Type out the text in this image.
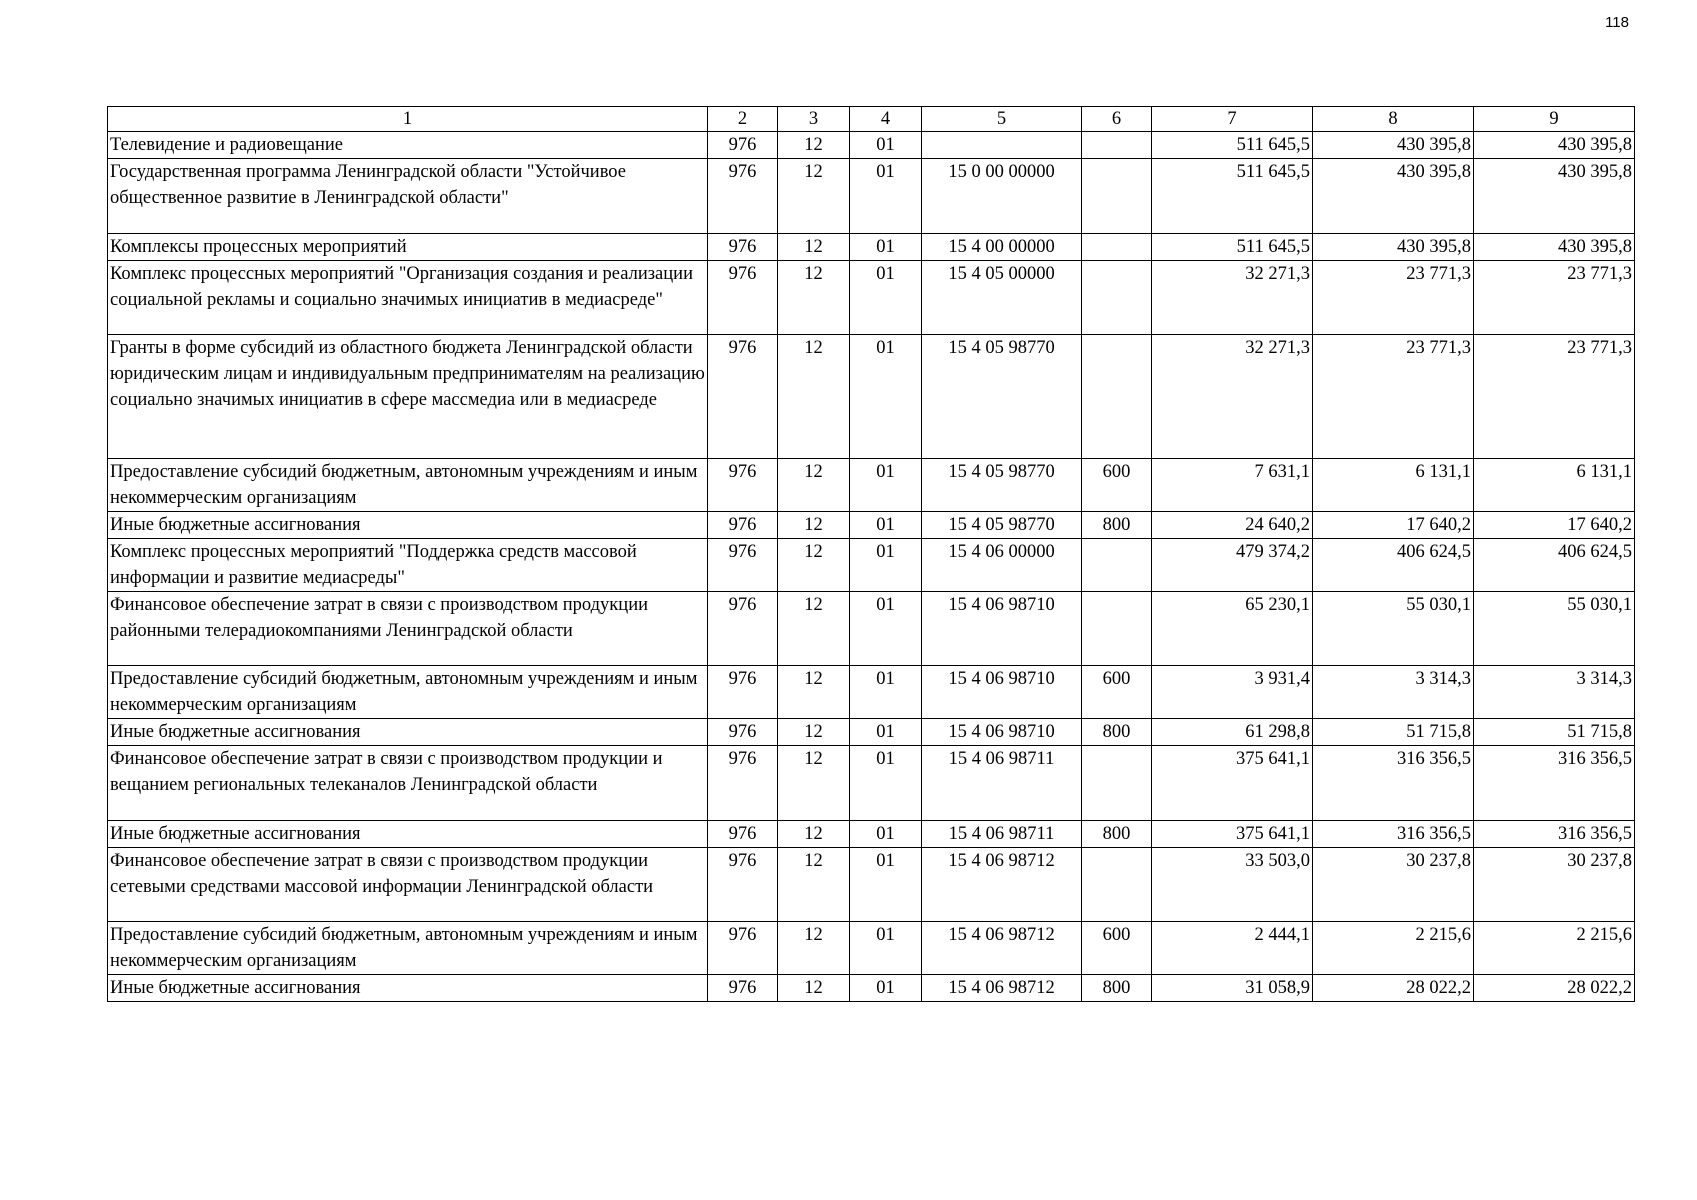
118
1	2	3	4	5	6	7	8	9
Телевидение и радиовещание	976	12	01			511 645,5	430 395,8	430 395,8
Государственная программа Ленинградской области "Устойчивое общественное развитие в Ленинградской области"	976	12	01	15 0 00 00000		511 645,5	430 395,8	430 395,8
Комплексы процессных мероприятий	976	12	01	15 4 00 00000		511 645,5	430 395,8	430 395,8
Комплекс процессных мероприятий "Организация создания и реализации социальной рекламы и социально значимых инициатив в медиасреде"	976	12	01	15 4 05 00000		32 271,3	23 771,3	23 771,3
Гранты в форме субсидий из областного бюджета Ленинградской области юридическим лицам и индивидуальным предпринимателям на реализацию социально значимых инициатив в сфере массмедиа или в медиасреде	976	12	01	15 4 05 98770		32 271,3	23 771,3	23 771,3
Предоставление субсидий бюджетным, автономным учреждениям и иным некоммерческим организациям	976	12	01	15 4 05 98770	600	7 631,1	6 131,1	6 131,1
Иные бюджетные ассигнования	976	12	01	15 4 05 98770	800	24 640,2	17 640,2	17 640,2
Комплекс процессных мероприятий "Поддержка средств массовой информации и развитие медиасреды"	976	12	01	15 4 06 00000		479 374,2	406 624,5	406 624,5
Финансовое обеспечение затрат в связи с производством продукции районными телерадиокомпаниями Ленинградской области	976	12	01	15 4 06 98710		65 230,1	55 030,1	55 030,1
Предоставление субсидий бюджетным, автономным учреждениям и иным некоммерческим организациям	976	12	01	15 4 06 98710	600	3 931,4	3 314,3	3 314,3
Иные бюджетные ассигнования	976	12	01	15 4 06 98710	800	61 298,8	51 715,8	51 715,8
Финансовое обеспечение затрат в связи с производством продукции и вещанием региональных телеканалов Ленинградской области	976	12	01	15 4 06 98711		375 641,1	316 356,5	316 356,5
Иные бюджетные ассигнования	976	12	01	15 4 06 98711	800	375 641,1	316 356,5	316 356,5
Финансовое обеспечение затрат в связи с производством продукции сетевыми средствами массовой информации Ленинградской области	976	12	01	15 4 06 98712		33 503,0	30 237,8	30 237,8
Предоставление субсидий бюджетным, автономным учреждениям и иным некоммерческим организациям	976	12	01	15 4 06 98712	600	2 444,1	2 215,6	2 215,6
Иные бюджетные ассигнования	976	12	01	15 4 06 98712	800	31 058,9	28 022,2	28 022,2
